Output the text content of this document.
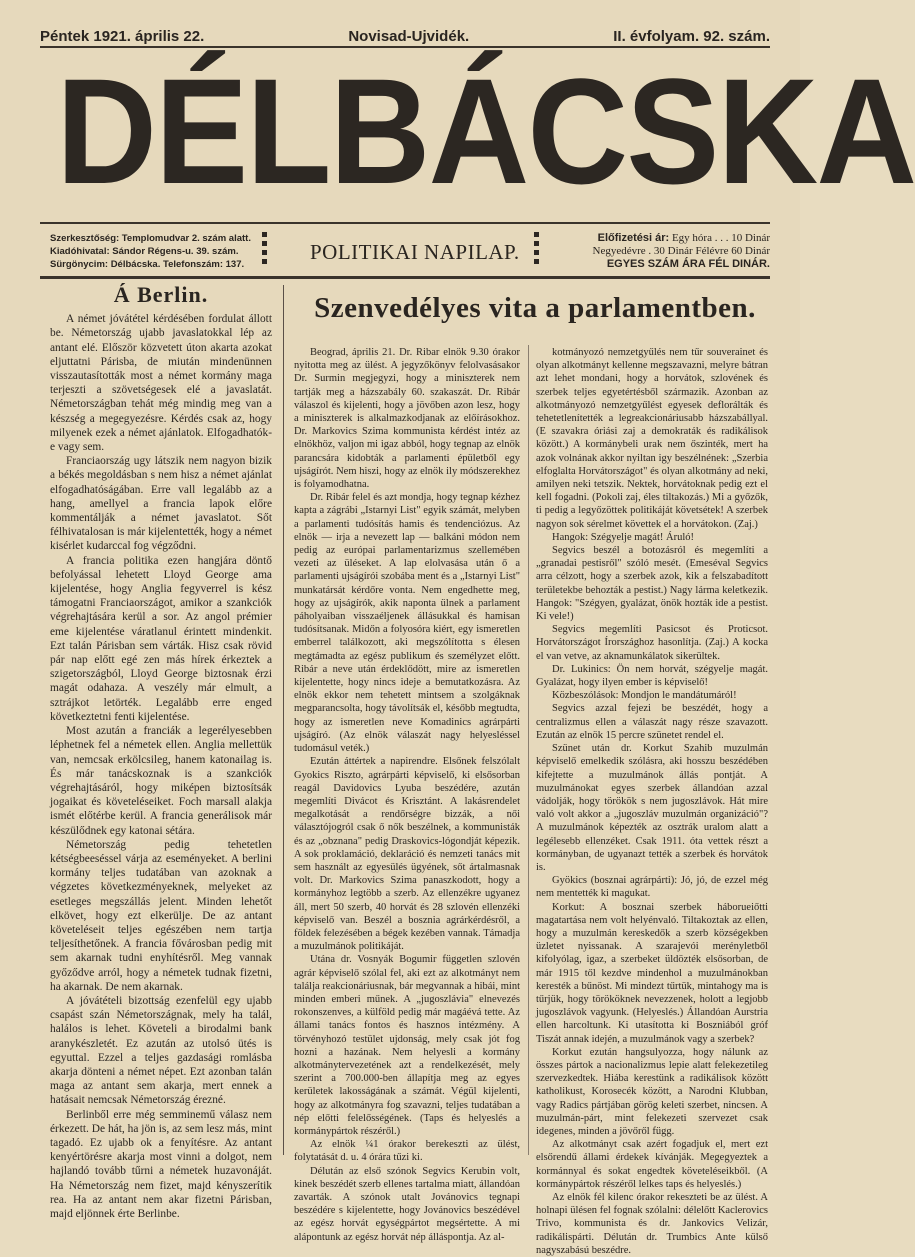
Péntek 1921. április 22.	Novisad-Ujvidék.	II. évfolyam. 92. szám.
DÉLBÁCSKA
Szerkesztőség: Templomudvar 2. szám alatt.
Kiadóhivatal: Sándor Régens-u. 39. szám.
Sürgönycim: Délbácska. Telefonszám: 137.
POLITIKAI NAPILAP.
Előfizetési ár: Egy hóra . . . 10 Dinár
Negyedévre . 30 Dinár Félévre 60 Dinár
EGYES SZÁM ÁRA FÉL DINÁR.
Á Berlin.

A német jóvátétel kérdésében fordulat állott be. Németország ujabb javaslatokkal lép az antant elé. Először közvetett úton akarta azokat eljuttatni Párisba, de miután mindenünnen visszautasították most a német kormány maga terjeszti a szövetségesek elé a javaslatát. Németországban tehát még mindig meg van a készség a megegyezésre. Kérdés csak az, hogy milyenek ezek a német ajánlatok. Elfogadhatók-e vagy sem.

Franciaország ugy látszik nem nagyon bizik a békés megoldásban s nem hisz a német ajánlat elfogadhatóságában. Erre vall legalább az a hang, amellyel a francia lapok előre kommentálják a német javaslatot. Sőt félhivatalosan is már kijelentették, hogy a német kisérlet kudarccal fog végződni.

A francia politika ezen hangjára döntő befolyással lehetett Lloyd George ama kijelentése, hogy Anglia fegyverrel is kész támogatni Franciaországot, amikor a szankciók végrehajtására kerül a sor. Az angol prémier eme kijelentése váratlanul érintett mindenkit. Ezt talán Párisban sem várták. Hisz csak rövid pár nap előtt egé zen más hírek érkeztek a szigetországból, Lloyd George biztosnak érzi magát odahaza. A veszély már elmult, a sztrájkot letörték. Legalább erre enged következtetni fenti kijelentése.

Most azután a franciák a legerélyesebben léphetnek fel a németek ellen. Anglia mellettük van, nemcsak erkölcsileg, hanem katonailag is. És már tanácskoznak is a szankciók végrehajtásáról, hogy miképen biztosítsák jogaikat és követeléseiket. Foch marsall alakja ismét előtérbe kerül. A francia generálisok már készülődnek egy katonai sétára.

Németország pedig tehetetlen kétségbeeséssel várja az eseményeket. A berlini kormány teljes tudatában van azoknak a végzetes következményeknek, melyeket az esetleges megszállás jelent. Minden lehetőt elkövet, hogy ezt elkerülje. De az antant követeléseit teljes egészében nem tartja teljesíthetőnek. A francia fővárosban pedig mit sem akarnak tudni enyhítésről. Meg vannak győződve arról, hogy a németek tudnak fizetni, ha akarnak. De nem akarnak.

A jóvátételi bizottság ezenfelül egy ujabb csapást szán Németországnak, mely ha talál, halálos is lehet. Követeli a birodalmi bank aranykészletét. Ez azután az utolsó ütés is egyuttal. Ezzel a teljes gazdasági romlásba akarja dönteni a német népet. Ezt azonban talán maga az antant sem akarja, mert ennek a hatásait nemcsak Németország érezné.

Berlinből erre még semminemű válasz nem érkezett. De hát, ha jön is, az sem lesz más, mint tagadó. Ez ujabb ok a fenyítésre. Az antant kenyértörésre akarja most vinni a dolgot, nem hajlandó tovább tűrni a németek huzavonáját. Ha Németország nem fizet, majd kényszerítik rea. Ha az antant nem akar fizetni Párisban, majd eljönnek érte Berlinbe.

Szenvedélyes vita a parlamentben.

Beograd, április 21. Dr. Ribar elnök 9.30 órakor nyitotta meg az ülést. A jegyzőkönyv felolvasásakor Dr. Surmin megjegyzi, hogy a miniszterek nem tartják meg a házszabály 60. szakaszát. Dr. Ribár válaszol és kijelenti, hogy a jövőben azon lesz, hogy a miniszterek is alkalmazkodjanak az előírásokhoz. Dr. Markovics Szima kommunista kérdést intéz az elnökhöz, valjon mi igaz abból, hogy tegnap az elnök parancsára kidobták a parlamenti épületből egy ujságírót. Nem hiszi, hogy az elnök ily módszerekhez is folyamodhatna.

Dr. Ribár felel és azt mondja, hogy tegnap kézhez kapta a zágrábi „Istarnyi List" egyik számát, melyben a parlamenti tudósítás hamis és tendenciózus. Az elnök — irja a nevezett lap — balkáni módon nem pedig az európai parlamentarizmus szellemében vezeti az üléseket. A lap elolvasása után ő a parlamenti ujságírói szobába ment és a „Istarnyi List" munkatársát kérdőre vonta. Nem engedhette meg, hogy az ujságírók, akik naponta ülnek a parlament páholyaiban visszaéljenek állásukkal és hamisan tudósítsanak. Midőn a folyosóra kiért, egy ismeretlen emberrel találkozott, aki megszólította s élesen megtámadta az egész publikum és személyzet előtt. Ribár a neve után érdeklődött, mire az ismeretlen kijelentette, hogy nincs ideje a bemutatkozásra. Az elnök ekkor nem tehetett mintsem a szolgáknak megparancsolta, hogy távolítsák el, később megtudta, hogy az ismeretlen neve Komadinics agrárpárti ujságíró. (Az elnök válaszát nagy helyesléssel tudomásul veték.)

Ezután áttértek a napirendre. Elsőnek felszólalt Gyokics Riszto, agrárpárti képviselő, ki elsősorban reagál Davidovics Lyuba beszédére, azután megemlíti Divácot és Krisztánt. A lakásrendelet megalkotását a rendőrségre bizzák, a női választójogról csak ő nők beszélnek, a kommunisták és az „obznana" pedig Draskovics-lógondját képezik. A sok proklamáció, deklaráció és nemzeti tanács mit sem használt az egyesülés ügyének, sőt ártalmasnak volt. Dr. Markovics Szima panaszkodott, hogy a kormányhoz legtöbb a szerb. Az ellenzékre ugyanez áll, mert 50 szerb, 40 horvát és 28 szlovén ellenzéki képviselő van. Beszél a bosznia agrárkérdésről, a földek felezésében a bégek kezében vannak. Támadja a muzulmánok politikáját.

Utána dr. Vosnyák Bogumir független szlovén agrár képviselő szólal fel, aki ezt az alkotmányt nem találja reakcionáriusnak, bár megvannak a hibái, mint minden emberi műnek. A „jugoszlávia" elnevezés rokonszenves, a külföld pedig már magáévá tette. Az állami tanács fontos és hasznos intézmény. A törvényhozó testület ujdonság, mely csak jót fog hozni a hazának. Nem helyesli a kormány alkotmánytervezetének azt a rendelkezését, mely szerint a 700.000-ben állapítja meg az egyes kerületek lakosságának a számát. Végül kijelenti, hogy az alkotmányra fog szavazni, teljes tudatában a nép előtti felelősségének. (Taps és helyeslés a kormánypártok részéről.)

Az elnök ¼1 órakor berekeszti az ülést, folytatását d. u. 4 órára tűzi ki.

Délután az első szónok Segvics Kerubin volt, kinek beszédét szerb ellenes tartalma miatt, állandóan zavarták. A szónok utalt Jovánovics tegnapi beszédére s kijelentette, hogy Jovánovics beszédével az egész horvát egységpártot megsértette. A mi alápontunk az egész horvát nép álláspontja. Az al-

kotmányozó nemzetgyűlés nem tűr souverainet és olyan alkotmányt kellenne megszavazni, melyre bátran azt lehet mondani, hogy a horvátok, szlovének és szerbek teljes egyetértésből származik. Azonban az alkotmányozó nemzetgyűlést egyesek deflorálták és tehetetlenítették a legreakcionáriusabb házszabállyal. (E szavakra óriási zaj a demokraták és radikálisok között.) A kormánybeli urak nem őszinték, mert ha azok volnának akkor nyiltan igy beszélnének: „Szerbia elfoglalta Horvátországot" és olyan alkotmány ad neki, amilyen neki tetszik. Nektek, horvátoknak pedig ezt el kell fogadni. (Pokoli zaj, éles tiltakozás.) Mi a győzők, ti pedig a legyőzöttek politikáját követsétek! A szerbek nagyon sok sérelmet követtek el a horvátokon. (Zaj.)

Hangok: Szégyelje magát! Áruló!

Segvics beszél a botozásról és megemlíti a „granadai pestisről" szóló mesét. (Emeséval Segvics arra célzott, hogy a szerbek azok, kik a felszabadított területekbe behozták a pestist.) Nagy lárma keletkezik. Hangok: "Szégyen, gyalázat, önök hozták ide a pestist. Ki vele!)

Segvics megemlíti Pasicsot és Proticsot. Horvátországot Írországhoz hasonlítja. (Zaj.) A kocka el van vetve, az aknamunkálatok sikerültek.

Dr. Lukinics: Ön nem horvát, szégyelje magát. Gyalázat, hogy ilyen ember is képviselő!

Közbeszólások: Mondjon le mandátumáról!

Segvics azzal fejezi be beszédét, hogy a centralizmus ellen a válaszát nagy része szavazott. Ezután az elnök 15 percre szünetet rendel el.

Szünet után dr. Korkut Szahib muzulmán képviselő emelkedik szólásra, aki hosszu beszédében kifejtette a muzulmánok állás pontját. A muzulmánokat egyes szerbek állandóan azzal vádolják, hogy törökök s nem jugoszlávok. Hát mire való volt akkor a „jugoszláv muzulmán organizáció"? A muzulmánok képezték az osztrák uralom alatt a legélesebb ellenzéket. Csak 1911. óta vettek részt a kormányban, de ugyanazt tették a szerbek és horvátok is.

Gyökics (bosznai agrárpárti): Jó, jó, de ezzel még nem mentették ki magukat.

Korkut: A bosznai szerbek háborueiőtti magatartása nem volt helyénvaló. Tiltakoztak az ellen, hogy a muzulmán kereskedők a szerb községekben üzletet nyissanak. A szarajevói merényletből kifolyólag, igaz, a szerbeket üldözték elsősorban, de már 1915 től kezdve mindenhol a muzulmánokban keresték a bűnöst. Mi mindezt tűrtük, mintahogy ma is tűrjük, hogy törököknek nevezzenek, holott a legjobb jugoszlávok vagyunk. (Helyeslés.) Állandóan Aurstria ellen harcoltunk. Ki utasította ki Boszniából gróf Tiszát annak idején, a muzulmánok vagy a szerbek?

Korkut ezután hangsulyozza, hogy nálunk az összes pártok a nacionalizmus lepie alatt felekezetileg szervezkedtek. Hiába kerestünk a radikálisok között katholikust, Korosecék között, a Narodni Klubban, vagy Radics pártjában görög keleti szerbet, nincsen. A muzulmán-párt, mint felekezeti szervezet csak idegenes, minden a jövőről függ.

Az alkotmányt csak azért fogadjuk el, mert ezt elsőrendű állami érdekek kívánják. Megegyeztek a kormánnyal és sokat engedtek követeléseikből. (A kormánypártok részéről lelkes taps és helyeslés.)

Az elnök fél kilenc órakor rekeszteti be az ülést. A holnapi ülésen fel fognak szólalni: délelőtt Kaclerovics Trivo, kommunista és dr. Jankovics Velizár, radikálispárti. Délután dr. Trumbics Ante külső nagyszabású beszédre.
